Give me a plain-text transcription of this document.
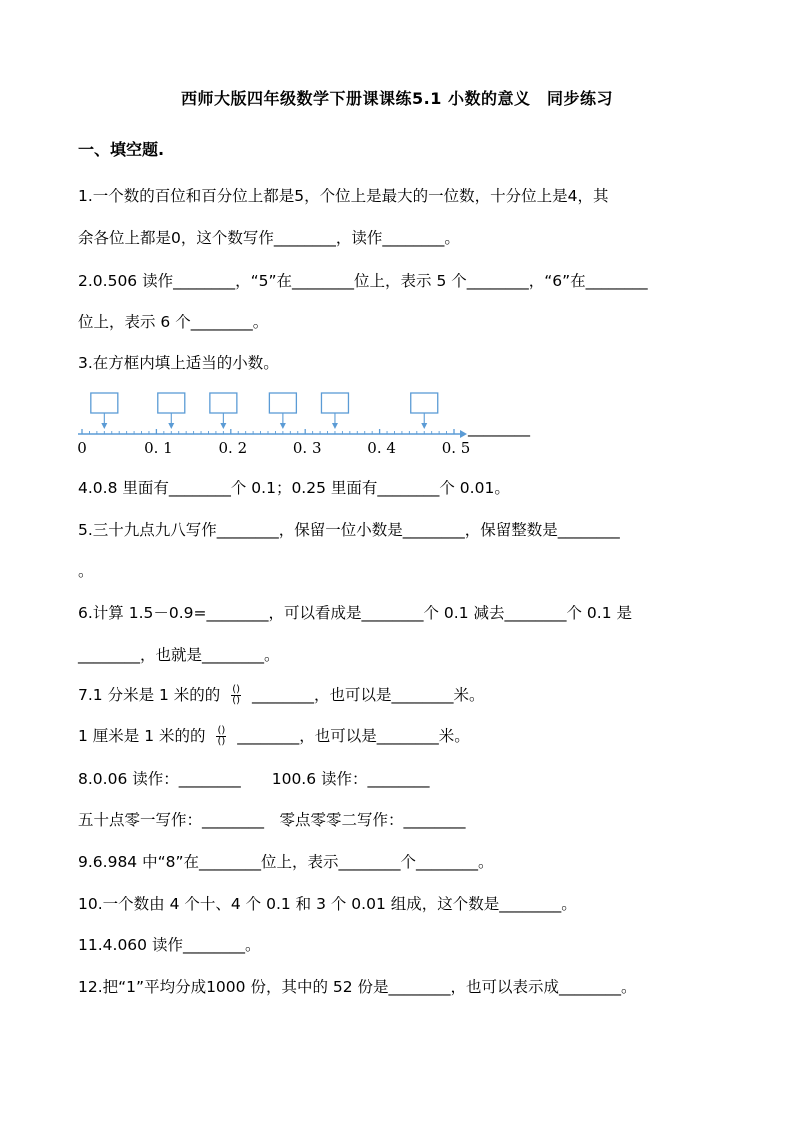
西师大版四年级数学下册课课练5.1 小数的意义　同步练习
一、填空题.
1.一个数的百位和百分位上都是5，个位上是最大的一位数，十分位上是4，其
余各位上都是0，这个数写作________，读作________。
2.0.506 读作________，“5”在________位上，表示 5 个________，“6”在________
位上，表示 6 个________。
3.在方框内填上适当的小数。
0	0. 1	0. 2	0. 3	0. 4	0. 5
________
4.0.8 里面有________个 0.1；0.25 里面有________个 0.01。
5.三十九点九八写作________，保留一位小数是________，保留整数是________
。
6.计算 1.5－0.9=________，可以看成是________个 0.1 减去________个 0.1 是
________，也就是________。
7.1 分米是 1 米的的 $\frac{()}{()}$ ________，也可以是________米。
1 厘米是 1 米的的 $\frac{()}{()}$ ________，也可以是________米。
8.0.06 读作：________　　100.6 读作：________
五十点零一写作：________　零点零零二写作：________
9.6.984 中“8”在________位上，表示________个________。
10.一个数由 4 个十、4 个 0.1 和 3 个 0.01 组成，这个数是________。
11.4.060 读作________。
12.把“1”平均分成1000 份，其中的 52 份是________，也可以表示成________。
